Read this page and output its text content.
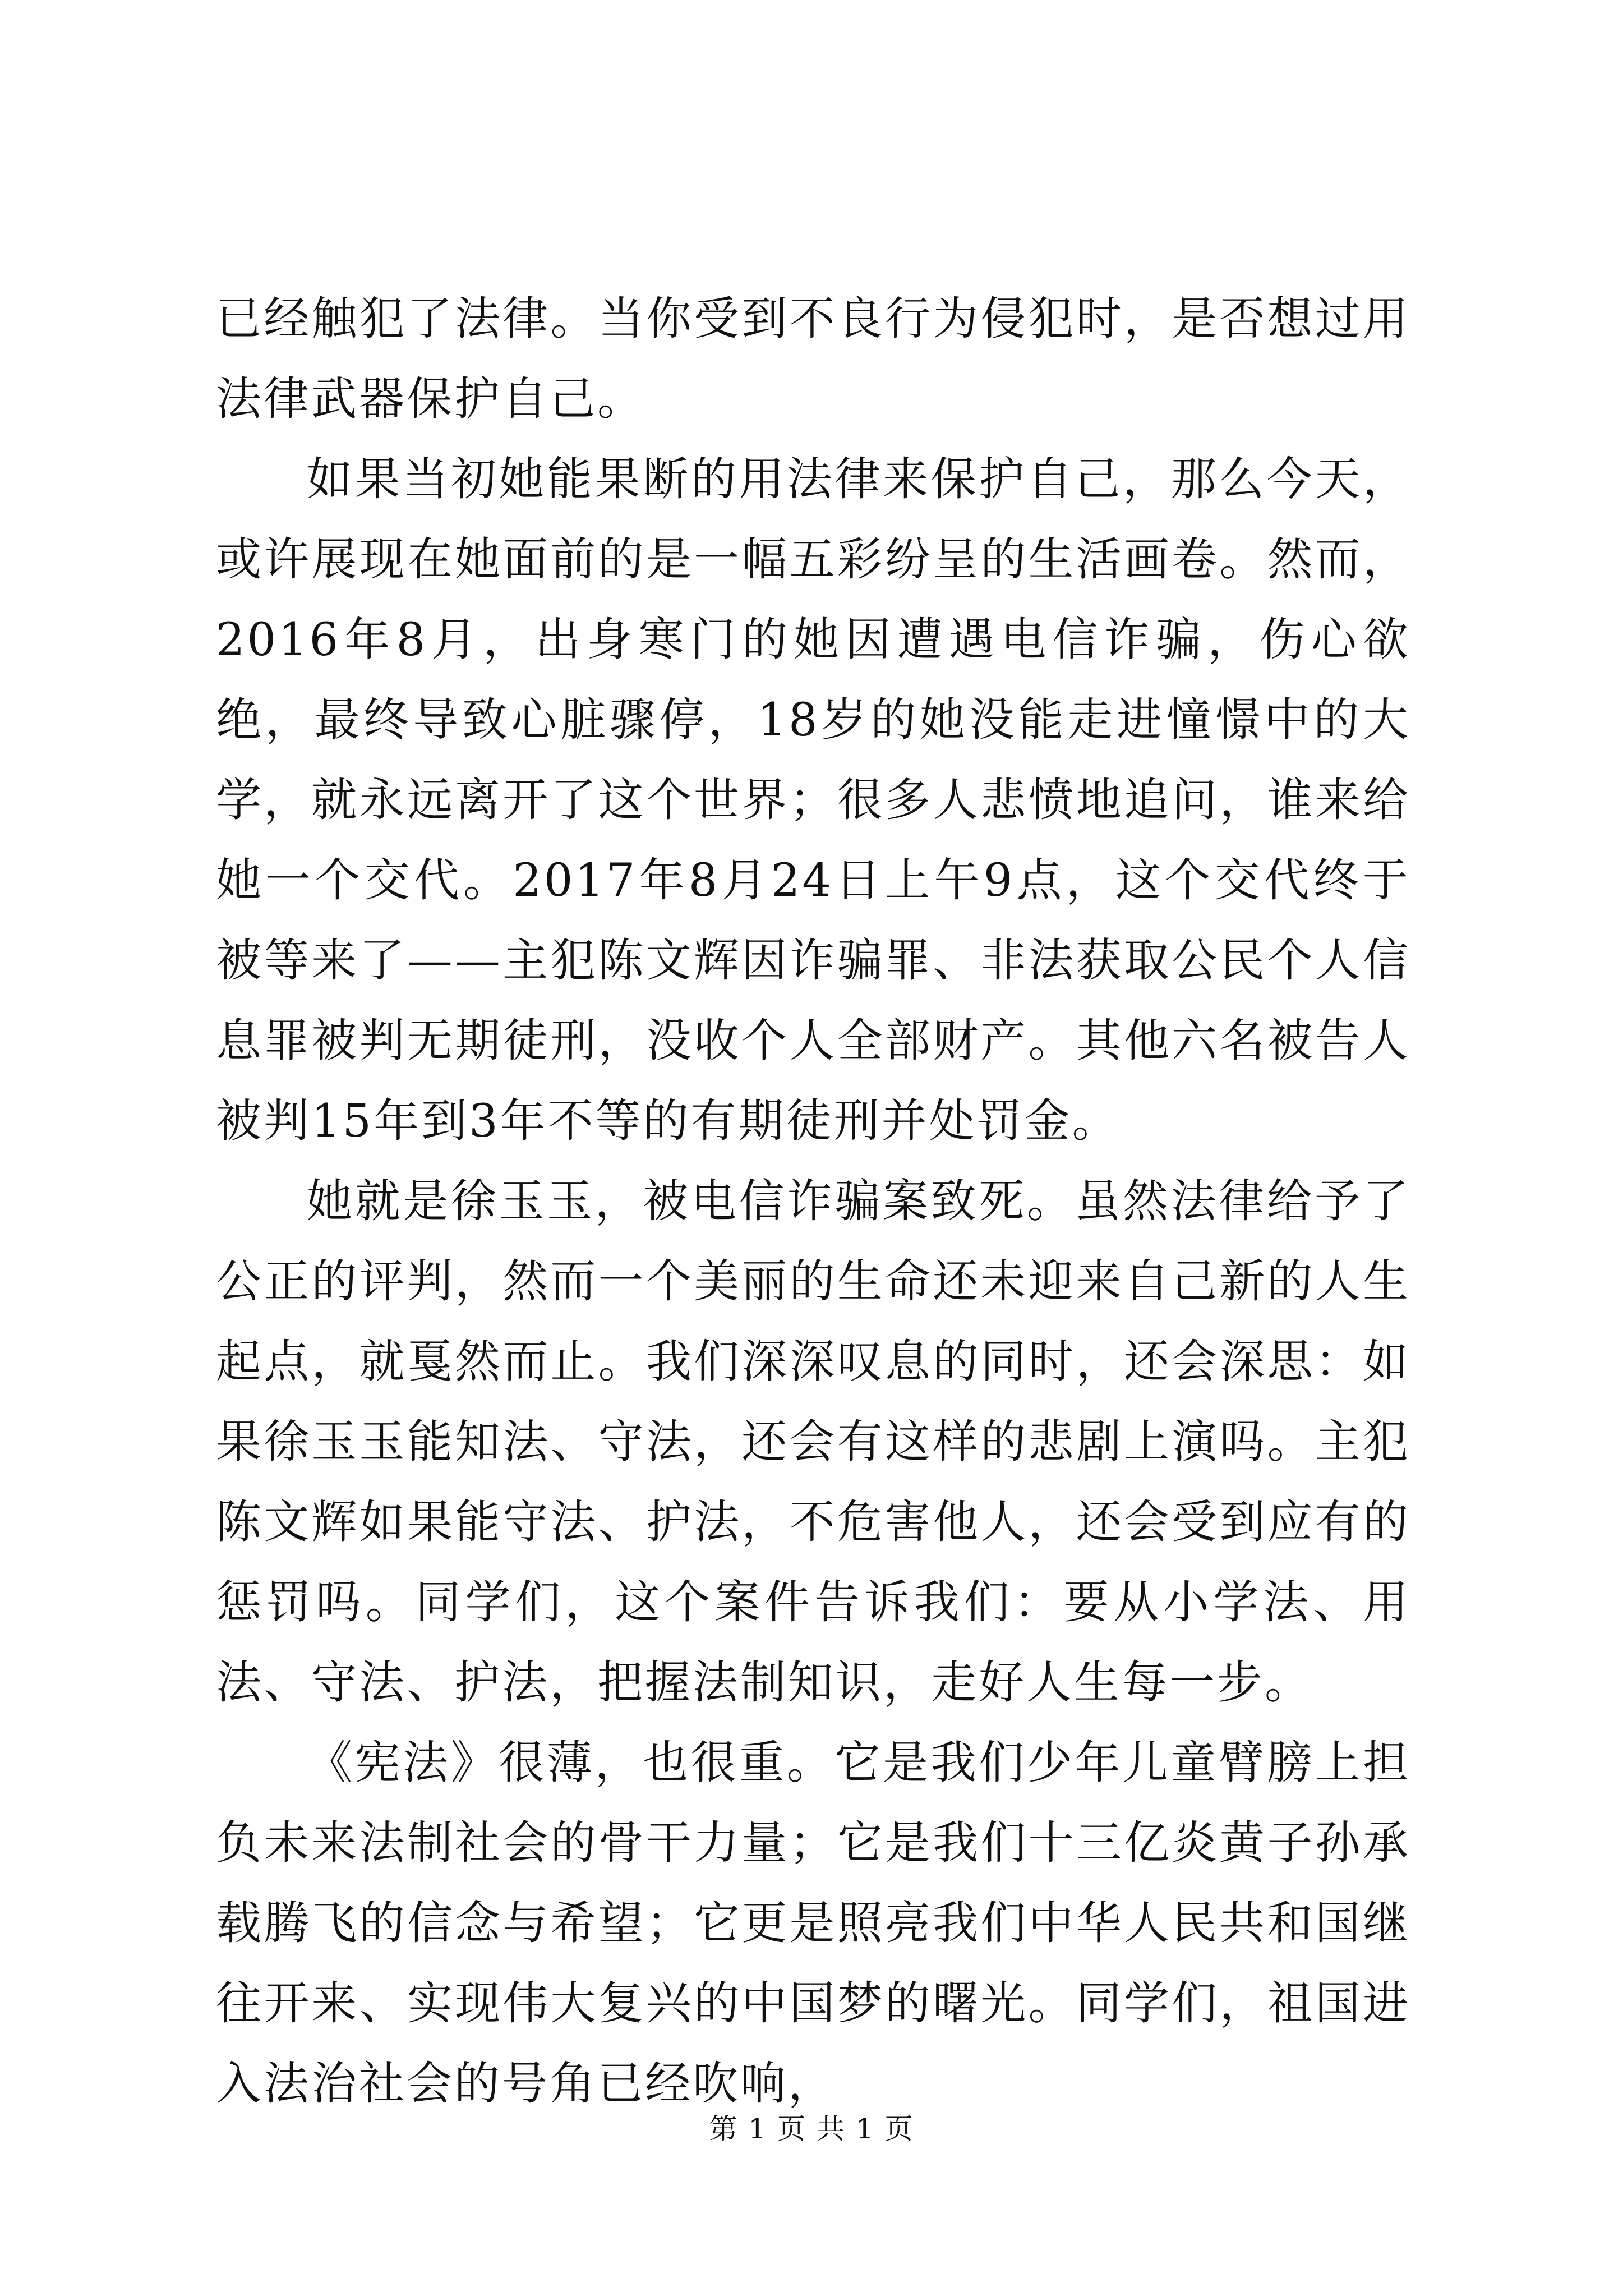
已经触犯了法律。当你受到不良行为侵犯时，是否想过用法律武器保护自己。

如果当初她能果断的用法律来保护自己，那么今天，或许展现在她面前的是一幅五彩纷呈的生活画卷。然而，2016年8月，出身寒门的她因遭遇电信诈骗，伤心欲绝，最终导致心脏骤停，18岁的她没能走进憧憬中的大学，就永远离开了这个世界；很多人悲愤地追问，谁来给她一个交代。2017年8月24日上午9点，这个交代终于被等来了——主犯陈文辉因诈骗罪、非法获取公民个人信息罪被判无期徒刑，没收个人全部财产。其他六名被告人被判15年到3年不等的有期徒刑并处罚金。

她就是徐玉玉，被电信诈骗案致死。虽然法律给予了公正的评判，然而一个美丽的生命还未迎来自己新的人生起点，就戛然而止。我们深深叹息的同时，还会深思：如果徐玉玉能知法、守法，还会有这样的悲剧上演吗。主犯陈文辉如果能守法、护法，不危害他人，还会受到应有的惩罚吗。同学们，这个案件告诉我们：要从小学法、用法、守法、护法，把握法制知识，走好人生每一步。

《宪法》很薄，也很重。它是我们少年儿童臂膀上担负未来法制社会的骨干力量；它是我们十三亿炎黄子孙承载腾飞的信念与希望；它更是照亮我们中华人民共和国继往开来、实现伟大复兴的中国梦的曙光。同学们，祖国进入法治社会的号角已经吹响，

第 1 页 共 1 页
